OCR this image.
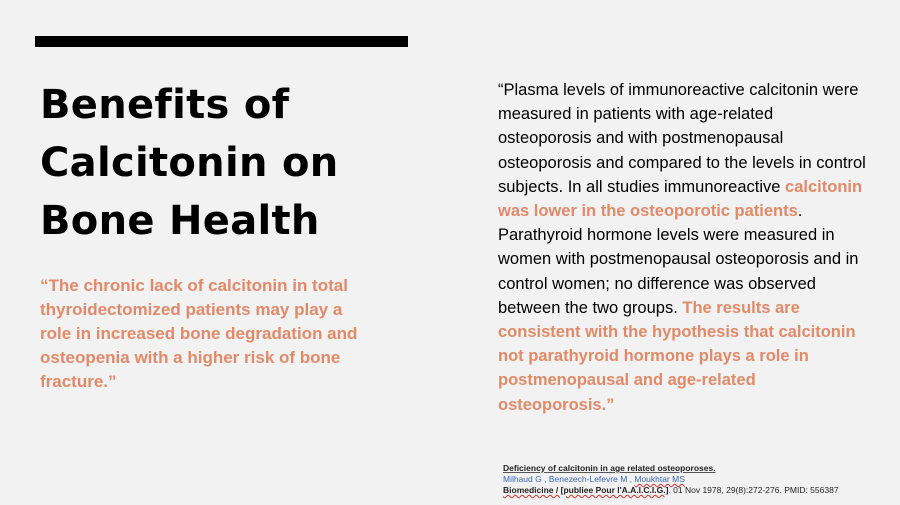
Benefits of
Calcitonin on
Bone Health

“The chronic lack of calcitonin in total thyroidectomized patients may play a role in increased bone degradation and osteopenia with a higher risk of bone fracture.”

“Plasma levels of immunoreactive calcitonin were measured in patients with age-related osteoporosis and with postmenopausal osteoporosis and compared to the levels in control subjects. In all studies immunoreactive calcitonin was lower in the osteoporotic patients. Parathyroid hormone levels were measured in women with postmenopausal osteoporosis and in control women; no difference was observed between the two groups. The results are consistent with the hypothesis that calcitonin not parathyroid hormone plays a role in postmenopausal and age-related osteoporosis.”

Deficiency of calcitonin in age related osteoporoses.
Milhaud G , Benezech-Lefevre M , Moukhtar MS
Biomedicine / [publiee Pour l'A.A.I.C.I.G.]. 01 Nov 1978, 29(8):272-276. PMID: 556387
